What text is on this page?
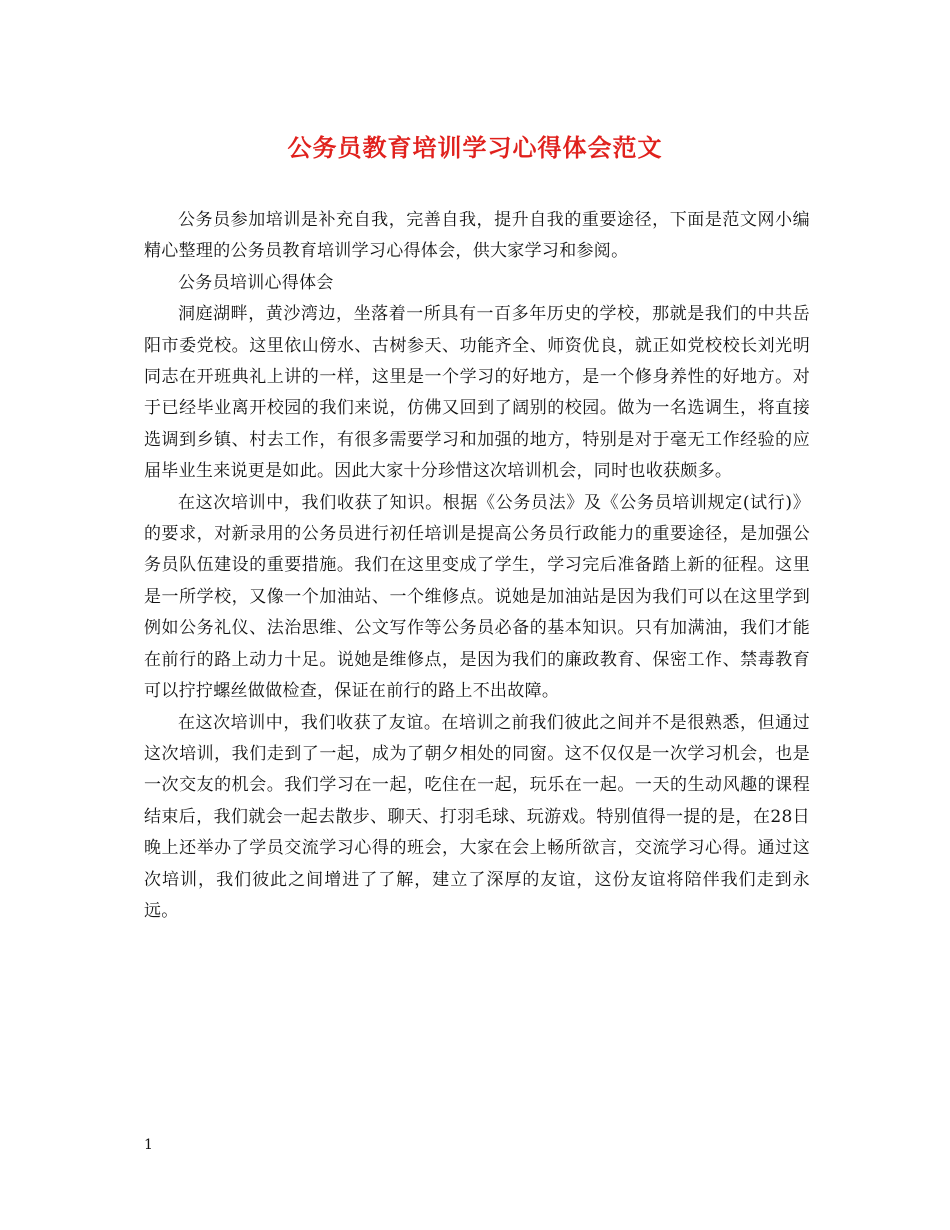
公务员教育培训学习心得体会范文

公务员参加培训是补充自我，完善自我，提升自我的重要途径，下面是范文网小编精心整理的公务员教育培训学习心得体会，供大家学习和参阅。

公务员培训心得体会

洞庭湖畔，黄沙湾边，坐落着一所具有一百多年历史的学校，那就是我们的中共岳阳市委党校。这里依山傍水、古树参天、功能齐全、师资优良，就正如党校校长刘光明同志在开班典礼上讲的一样，这里是一个学习的好地方，是一个修身养性的好地方。对于已经毕业离开校园的我们来说，仿佛又回到了阔别的校园。做为一名选调生，将直接选调到乡镇、村去工作，有很多需要学习和加强的地方，特别是对于毫无工作经验的应届毕业生来说更是如此。因此大家十分珍惜这次培训机会，同时也收获颇多。

在这次培训中，我们收获了知识。根据《公务员法》及《公务员培训规定(试行)》的要求，对新录用的公务员进行初任培训是提高公务员行政能力的重要途径，是加强公务员队伍建设的重要措施。我们在这里变成了学生，学习完后准备踏上新的征程。这里是一所学校，又像一个加油站、一个维修点。说她是加油站是因为我们可以在这里学到例如公务礼仪、法治思维、公文写作等公务员必备的基本知识。只有加满油，我们才能在前行的路上动力十足。说她是维修点，是因为我们的廉政教育、保密工作、禁毒教育可以拧拧螺丝做做检查，保证在前行的路上不出故障。

在这次培训中，我们收获了友谊。在培训之前我们彼此之间并不是很熟悉，但通过这次培训，我们走到了一起，成为了朝夕相处的同窗。这不仅仅是一次学习机会，也是一次交友的机会。我们学习在一起，吃住在一起，玩乐在一起。一天的生动风趣的课程结束后，我们就会一起去散步、聊天、打羽毛球、玩游戏。特别值得一提的是，在28日晚上还举办了学员交流学习心得的班会，大家在会上畅所欲言，交流学习心得。通过这次培训，我们彼此之间增进了了解，建立了深厚的友谊，这份友谊将陪伴我们走到永远。

1
